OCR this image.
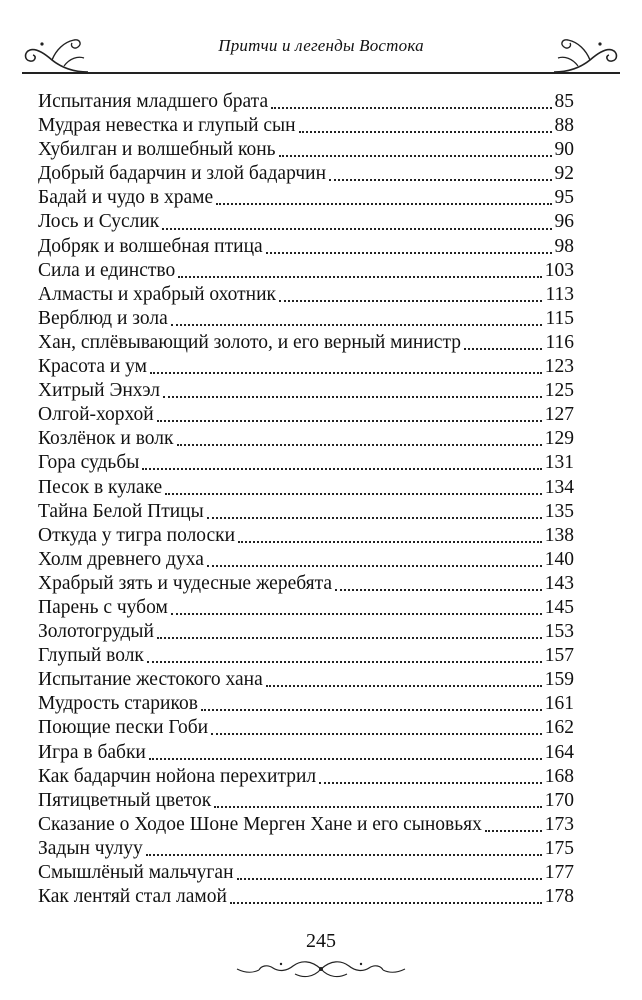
Притчи и легенды Востока
Испытания младшего брата	85
Мудрая невестка и глупый сын	88
Хубилган и волшебный конь	90
Добрый бадарчин и злой бадарчин	92
Бадай и чудо в храме	95
Лось и Суслик	96
Добряк и волшебная птица	98
Сила и единство	103
Алмасты и храбрый охотник	113
Верблюд и зола	115
Хан, сплёвывающий золото, и его верный министр	116
Красота и ум	123
Хитрый Энхэл	125
Олгой-хорхой	127
Козлёнок и волк	129
Гора судьбы	131
Песок в кулаке	134
Тайна Белой Птицы	135
Откуда у тигра полоски	138
Холм древнего духа	140
Храбрый зять и чудесные жеребята	143
Парень с чубом	145
Золотогрудый	153
Глупый волк	157
Испытание жестокого хана	159
Мудрость стариков	161
Поющие пески Гоби	162
Игра в бабки	164
Как бадарчин нойона перехитрил	168
Пятицветный цветок	170
Сказание о Ходое Шоне Мерген Хане и его сыновьях	173
Задын чулуу	175
Смышлёный мальчуган	177
Как лентяй стал ламой	178
245
